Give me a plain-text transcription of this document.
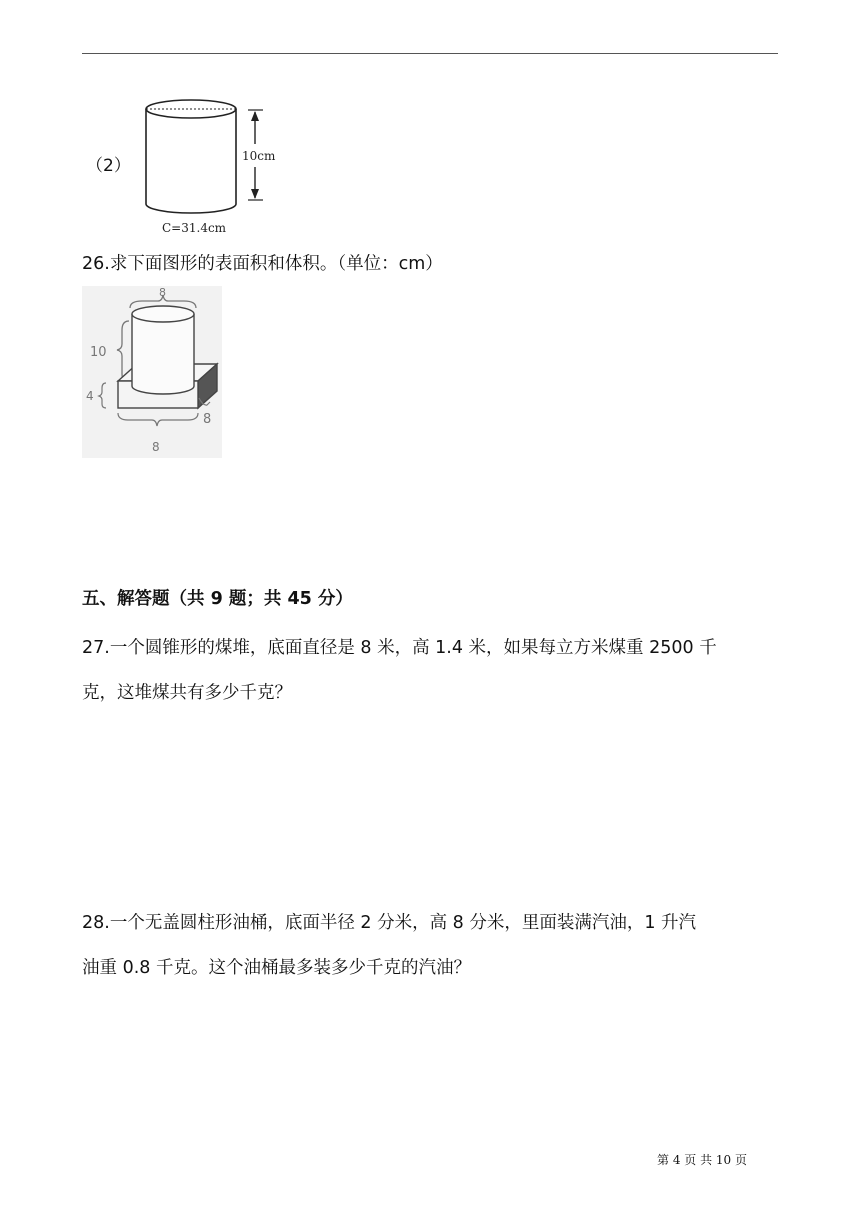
（2）	10cm
C=31.4cm
26.求下面图形的表面积和体积。（单位：cm）
8
10
4
8
8
五、解答题（共 9 题；共 45 分）
27.一个圆锥形的煤堆，底面直径是 8 米，高 1.4 米，如果每立方米煤重 2500 千
克，这堆煤共有多少千克？
28.一个无盖圆柱形油桶，底面半径 2 分米，高 8 分米，里面装满汽油，1 升汽
油重 0.8 千克。这个油桶最多装多少千克的汽油？
第 4 页 共 10 页
